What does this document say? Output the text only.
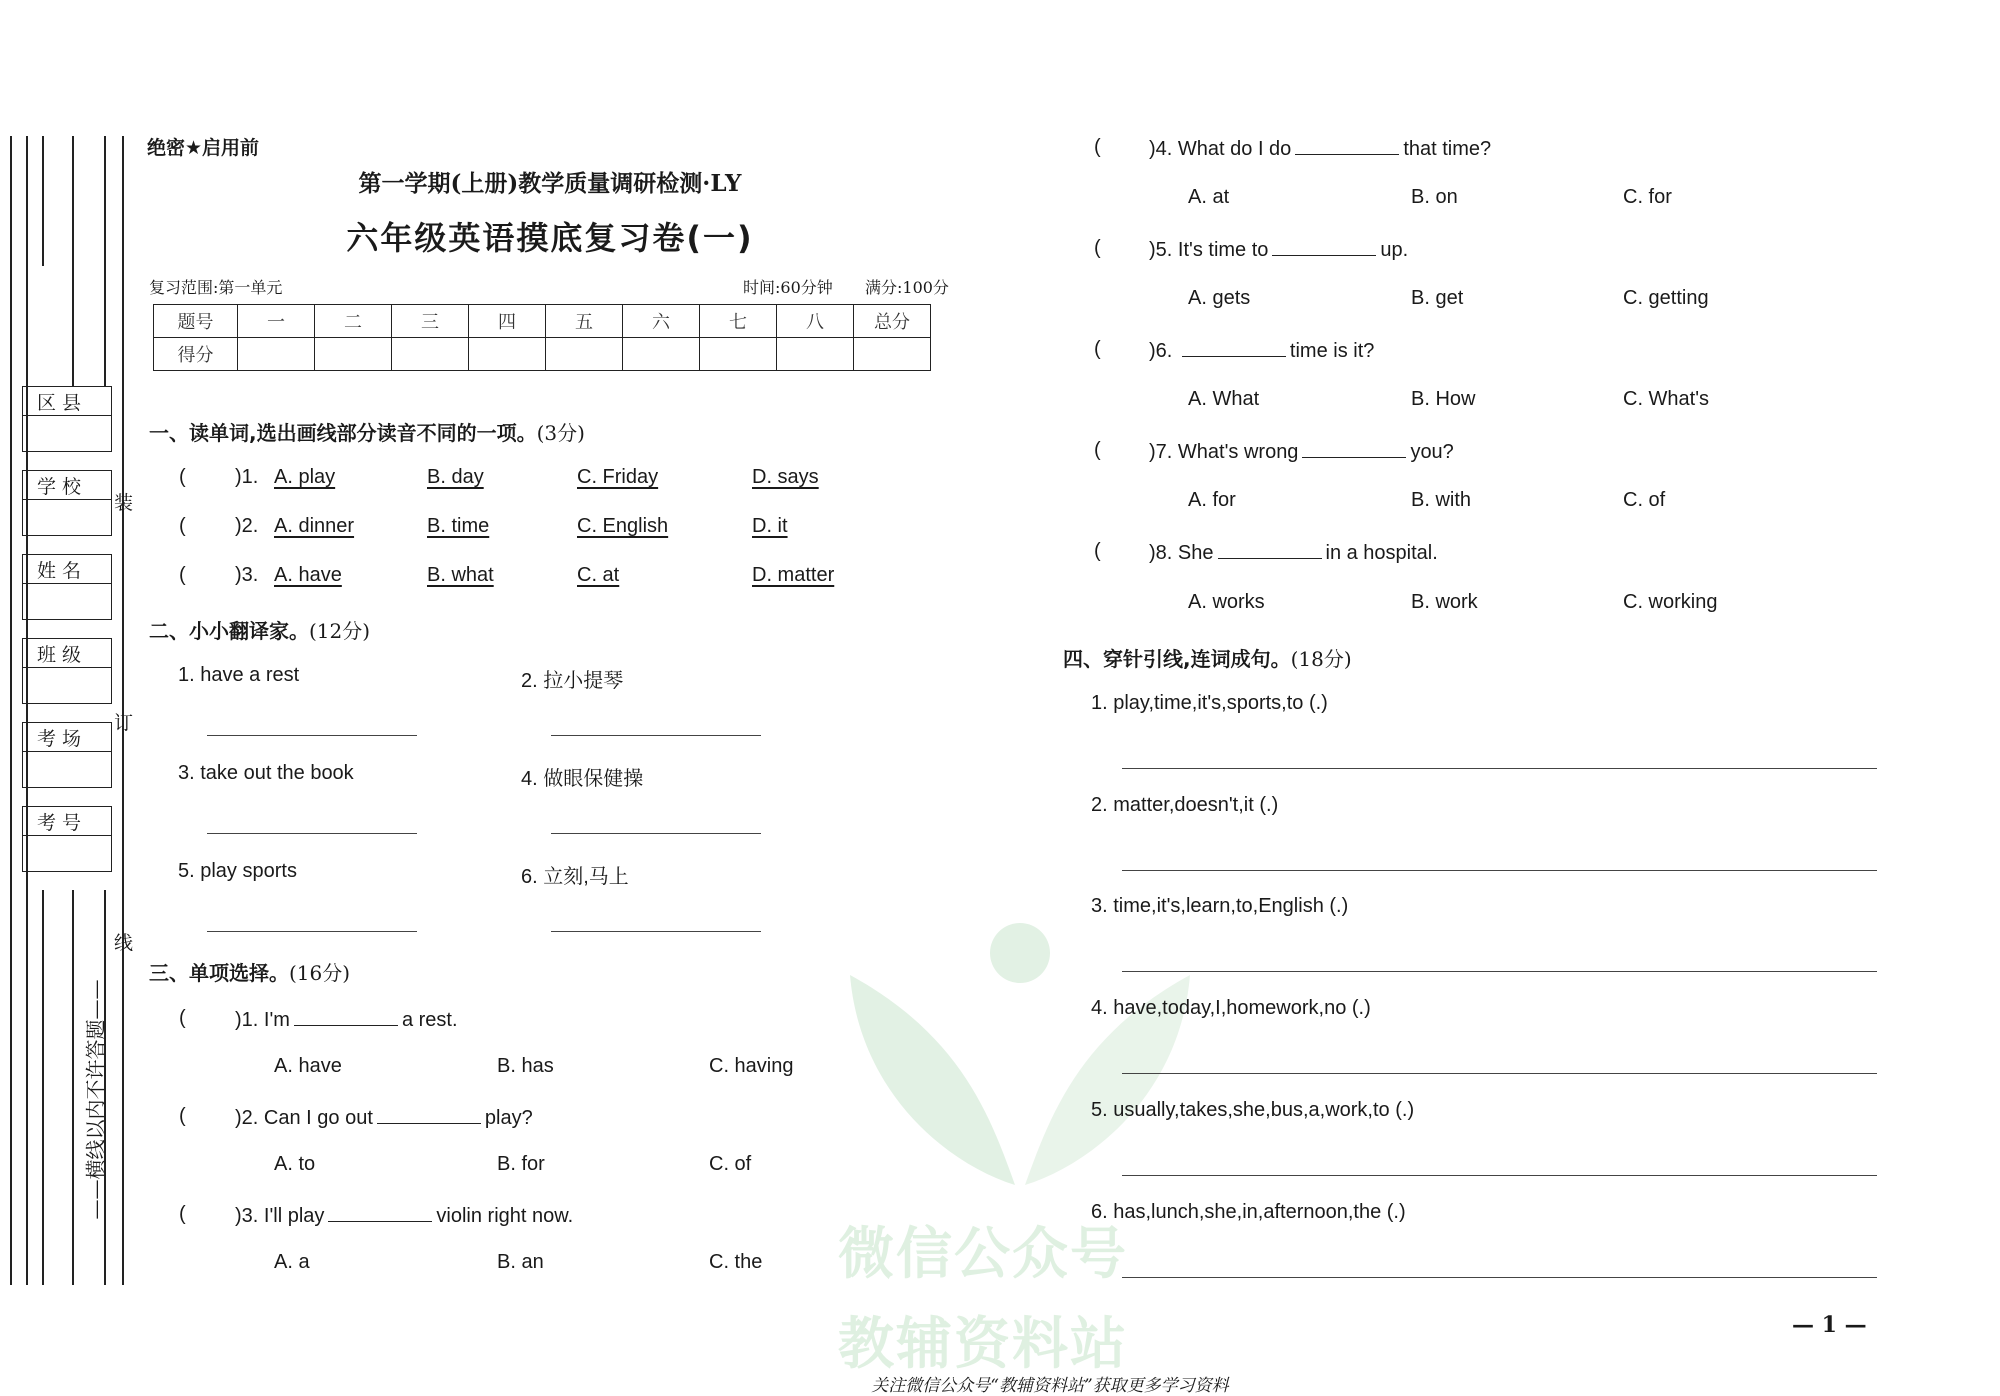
微信公众号
教辅资料站
区 县
学 校
姓 名
班 级
考 场
考 号
装
订
线
——横线以内不许答题——
绝密★启用前
第一学期(上册)教学质量调研检测·LY
六年级英语摸底复习卷(一)
复习范围:第一单元	时间:60分钟 满分:100分
题号	一	二	三	四	五	六	七	八	总分
得分									
一、读单词,选出画线部分读音不同的一项。(3分)
( )1. A. play	B. day	C. Friday	D. says
( )2. A. dinner	B. time	C. English	D. it
( )3. A. have	B. what	C. at	D. matter
二、小小翻译家。(12分)
1. have a rest	2. 拉小提琴
3. take out the book	4. 做眼保健操
5. play sports	6. 立刻,马上
三、单项选择。(16分)
( )1. I'm	a rest.
A. have	B. has	C. having
( )2. Can I go out	play?
A. to	B. for	C. of
( )3. I'll play	violin right now.
A. a	B. an	C. the
( )4. What do I do	that time?
A. at	B. on	C. for
( )5. It's time to	up.
A. gets	B. get	C. getting
( )6.	time is it?
A. What	B. How	C. What's
( )7. What's wrong	you?
A. for	B. with	C. of
( )8. She	in a hospital.
A. works	B. work	C. working
四、穿针引线,连词成句。(18分)
1. play,time,it's,sports,to (.)
2. matter,doesn't,it (.)
3. time,it's,learn,to,English (.)
4. have,today,I,homework,no (.)
5. usually,takes,she,bus,a,work,to (.)
6. has,lunch,she,in,afternoon,the (.)
— 1 —
关注微信公众号“教辅资料站”获取更多学习资料
